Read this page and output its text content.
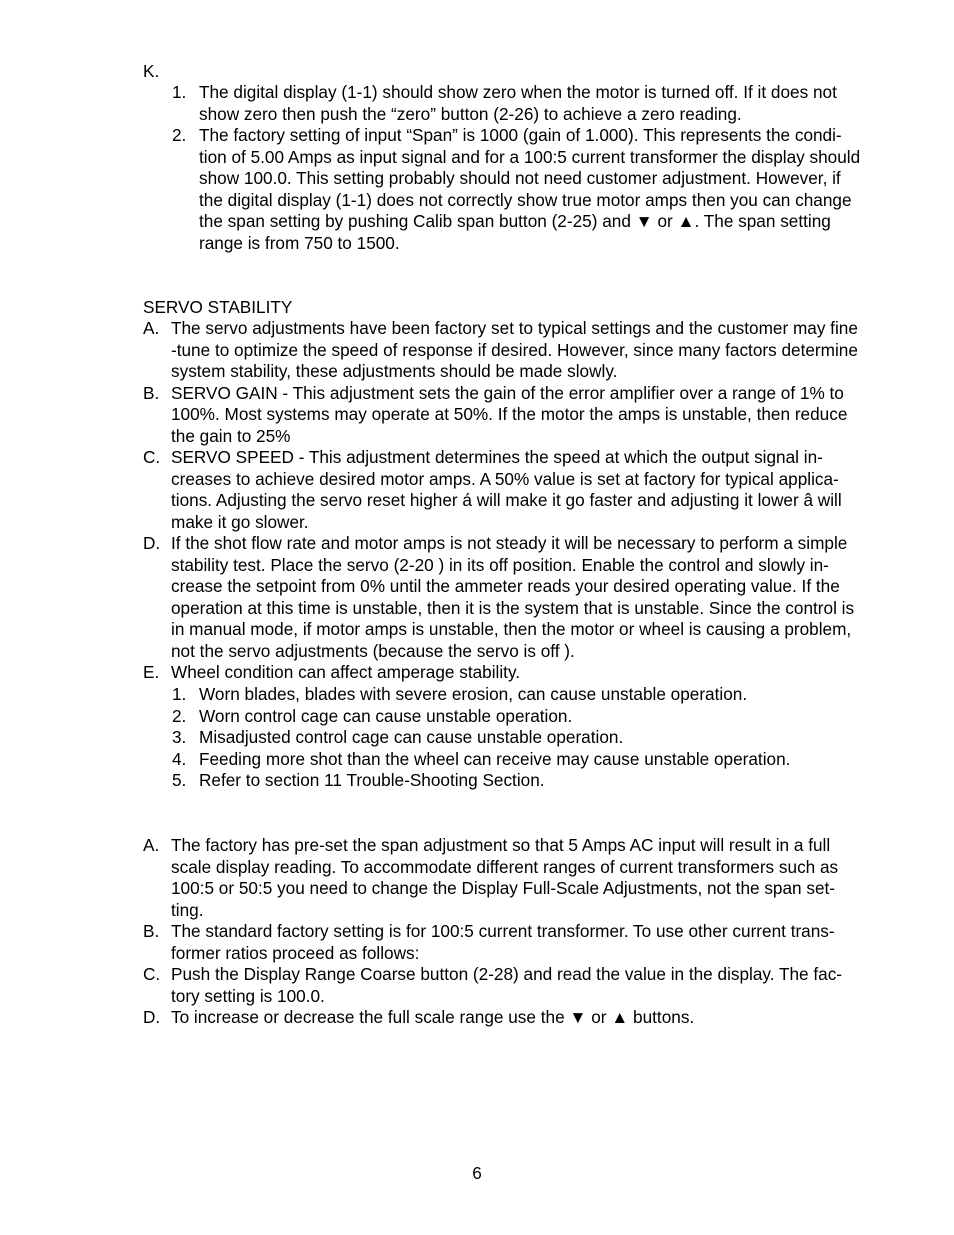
K.
1. The digital display (1-1) should show zero when the motor is turned off. If it does not
show zero then push the “zero” button (2-26) to achieve a zero reading.
2. The factory setting of input “Span” is 1000 (gain of 1.000). This represents the condi-
tion of 5.00 Amps as input signal and for a 100:5 current transformer the display should
show 100.0. This setting probably should not need customer adjustment. However, if
the digital display (1-1) does not correctly show true motor amps then you can change
the span setting by pushing Calib span button (2-25) and ▼ or ▲. The span setting
range is from 750 to 1500.
SERVO STABILITY
A. The servo adjustments have been factory set to typical settings and the customer may fine
-tune to optimize the speed of response if desired. However, since many factors determine
system stability, these adjustments should be made slowly.
B. SERVO GAIN - This adjustment sets the gain of the error amplifier over a range of 1% to
100%. Most systems may operate at 50%. If the motor the amps is unstable, then reduce
the gain to 25%
C. SERVO SPEED - This adjustment determines the speed at which the output signal in-
creases to achieve desired motor amps. A 50% value is set at factory for typical applica-
tions. Adjusting the servo reset higher á will make it go faster and adjusting it lower â will
make it go slower.
D. If the shot flow rate and motor amps is not steady it will be necessary to perform a simple
stability test. Place the servo (2-20 ) in its off position. Enable the control and slowly in-
crease the setpoint from 0% until the ammeter reads your desired operating value. If the
operation at this time is unstable, then it is the system that is unstable. Since the control is
in manual mode, if motor amps is unstable, then the motor or wheel is causing a problem,
not the servo adjustments (because the servo is off ).
E. Wheel condition can affect amperage stability.
1. Worn blades, blades with severe erosion, can cause unstable operation.
2. Worn control cage can cause unstable operation.
3. Misadjusted control cage can cause unstable operation.
4. Feeding more shot than the wheel can receive may cause unstable operation.
5. Refer to section 11 Trouble-Shooting Section.
A. The factory has pre-set the span adjustment so that 5 Amps AC input will result in a full
scale display reading. To accommodate different ranges of current transformers such as
100:5 or 50:5 you need to change the Display Full-Scale Adjustments, not the span set-
ting.
B. The standard factory setting is for 100:5 current transformer. To use other current trans-
former ratios proceed as follows:
C. Push the Display Range Coarse button (2-28) and read the value in the display. The fac-
tory setting is 100.0.
D. To increase or decrease the full scale range use the ▼ or ▲ buttons.
6
